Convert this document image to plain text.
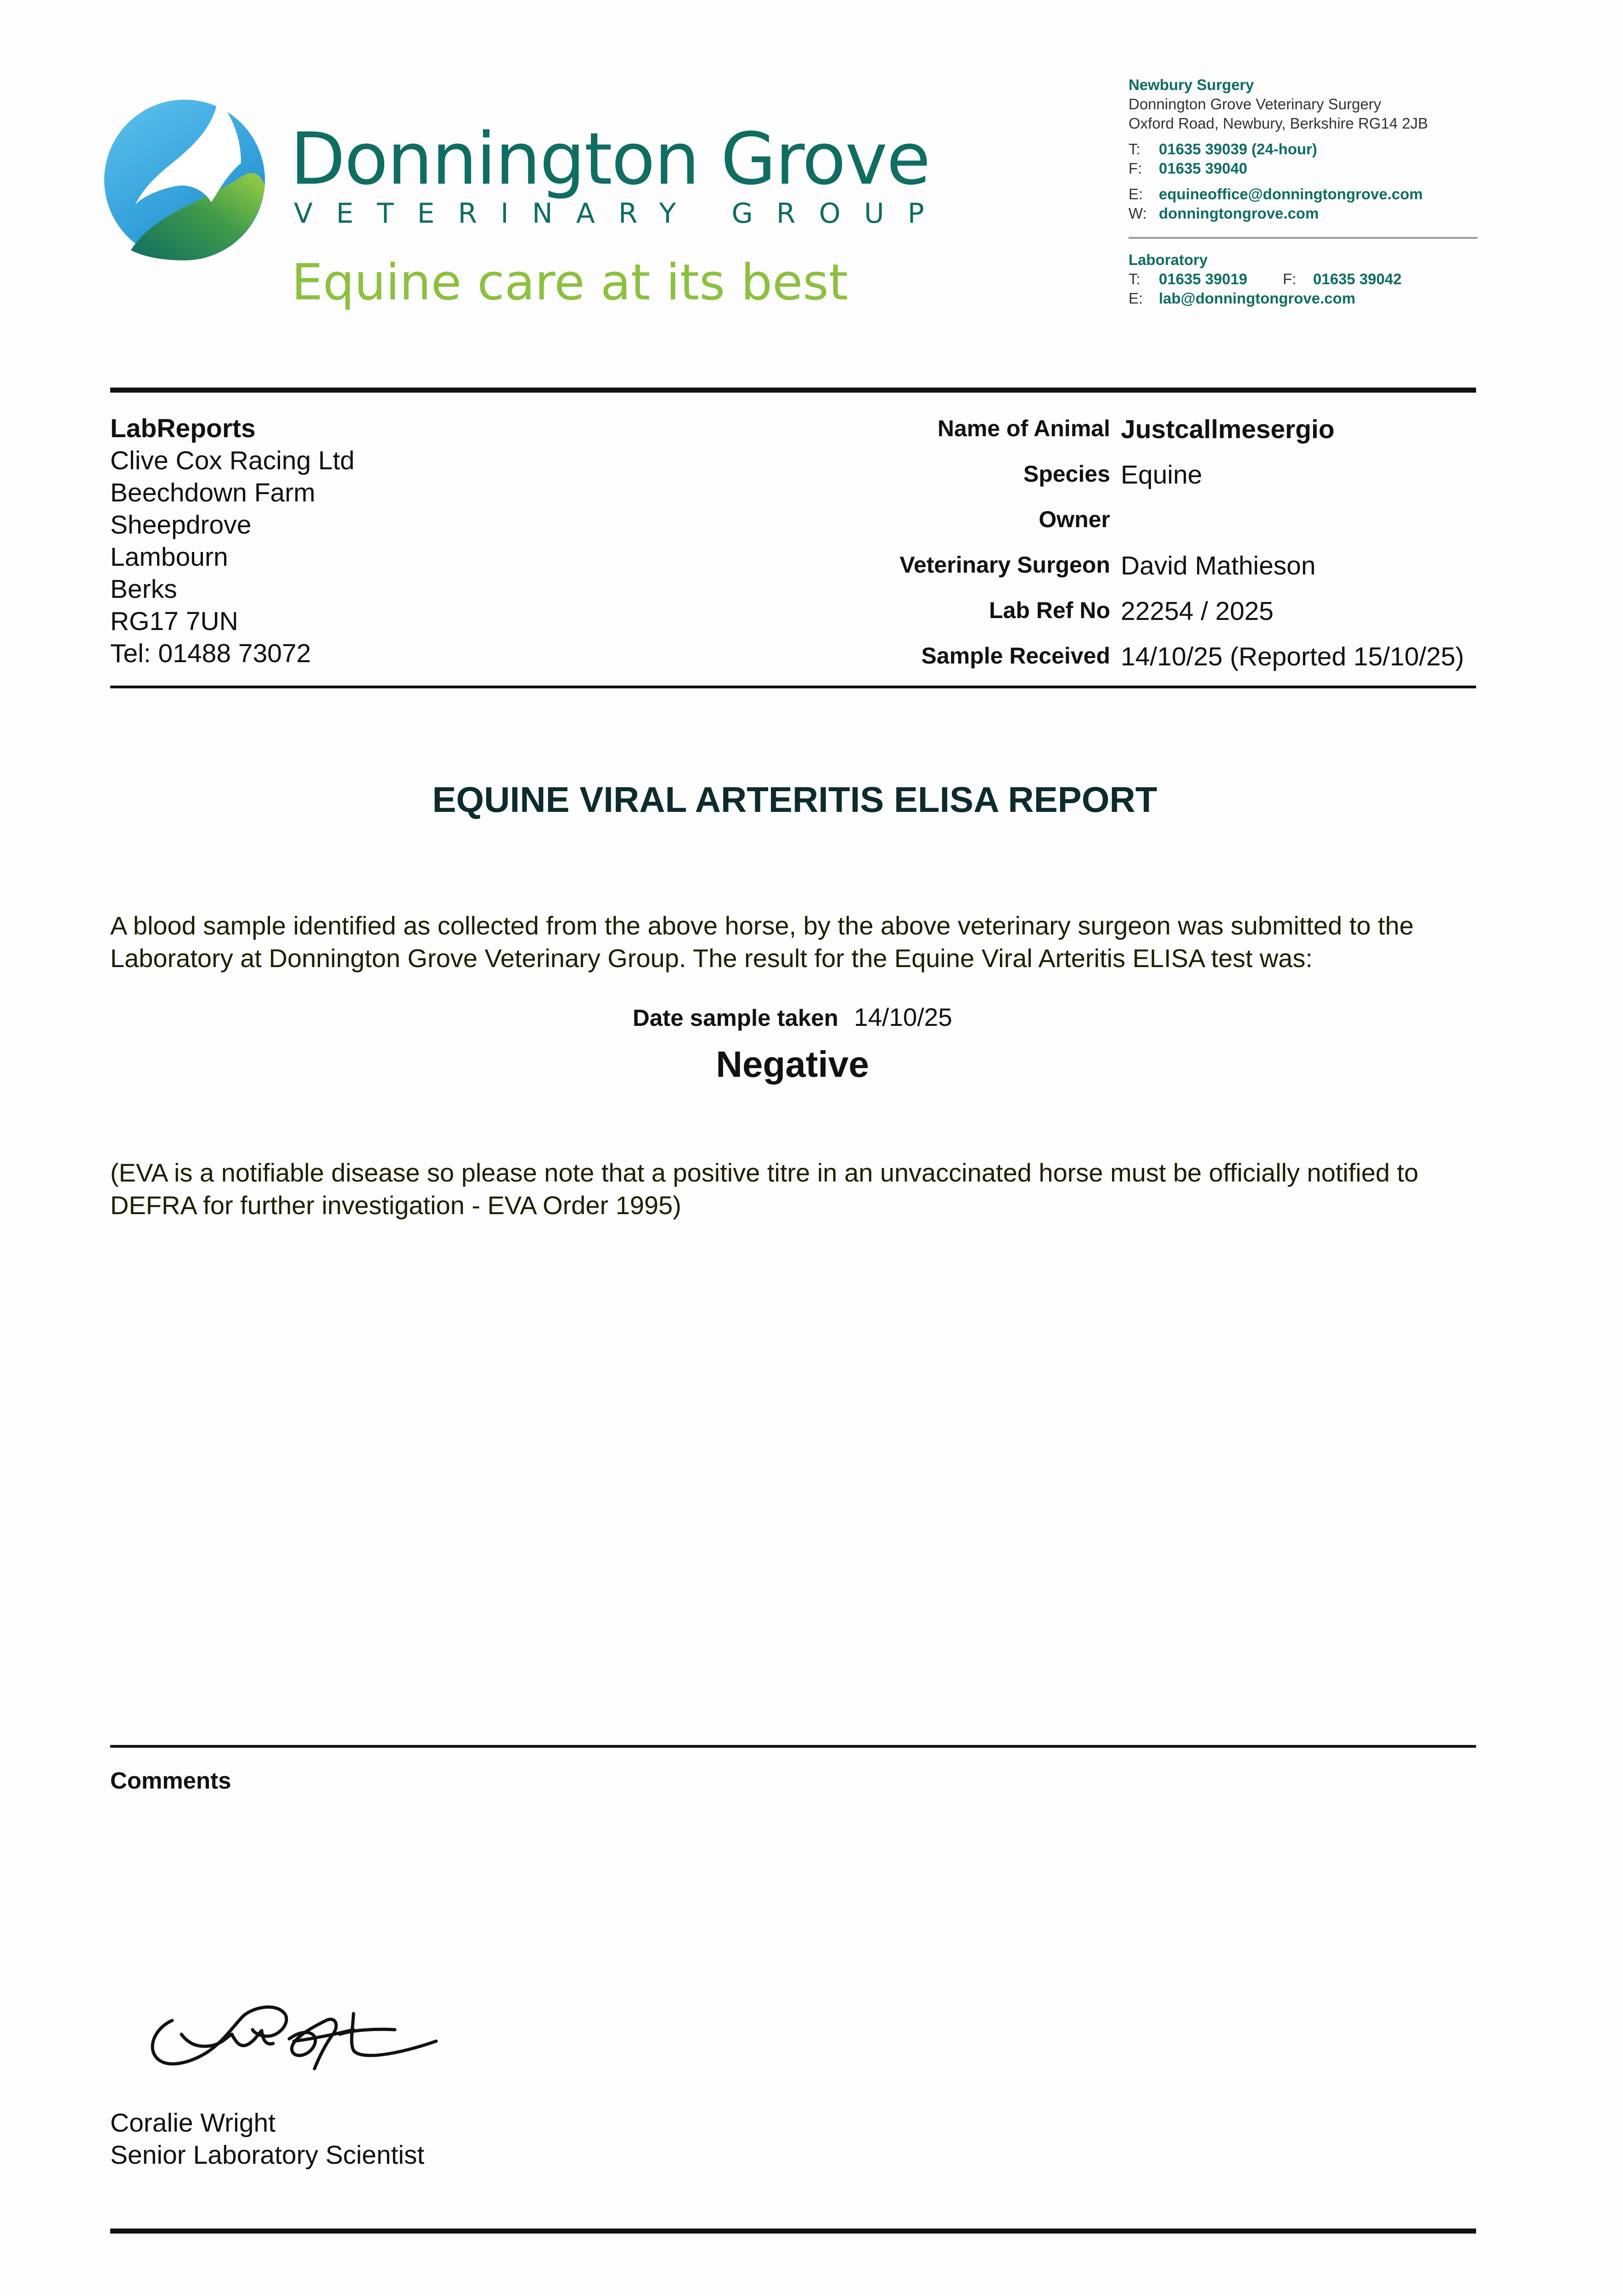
Donnington Grove
VETERINARY GROUP
Equine care at its best
Newbury Surgery
Donnington Grove Veterinary Surgery
Oxford Road, Newbury, Berkshire RG14 2JB
T: 01635 39039 (24-hour)
F: 01635 39040
E: equineoffice@donningtongrove.com
W: donningtongrove.com
Laboratory
T: 01635 39019 F: 01635 39042
E: lab@donningtongrove.com
LabReports
Clive Cox Racing Ltd
Beechdown Farm
Sheepdrove
Lambourn
Berks
RG17 7UN
Tel: 01488 73072
Name of Animal Justcallmesergio
Species Equine
Owner
Veterinary Surgeon David Mathieson
Lab Ref No 22254 / 2025
Sample Received 14/10/25 (Reported 15/10/25)
EQUINE VIRAL ARTERITIS ELISA REPORT
A blood sample identified as collected from the above horse, by the above veterinary surgeon was submitted to the Laboratory at Donnington Grove Veterinary Group. The result for the Equine Viral Arteritis ELISA test was:
Date sample taken 14/10/25
Negative
(EVA is a notifiable disease so please note that a positive titre in an unvaccinated horse must be officially notified to DEFRA for further investigation - EVA Order 1995)
Comments
Coralie Wright
Senior Laboratory Scientist
